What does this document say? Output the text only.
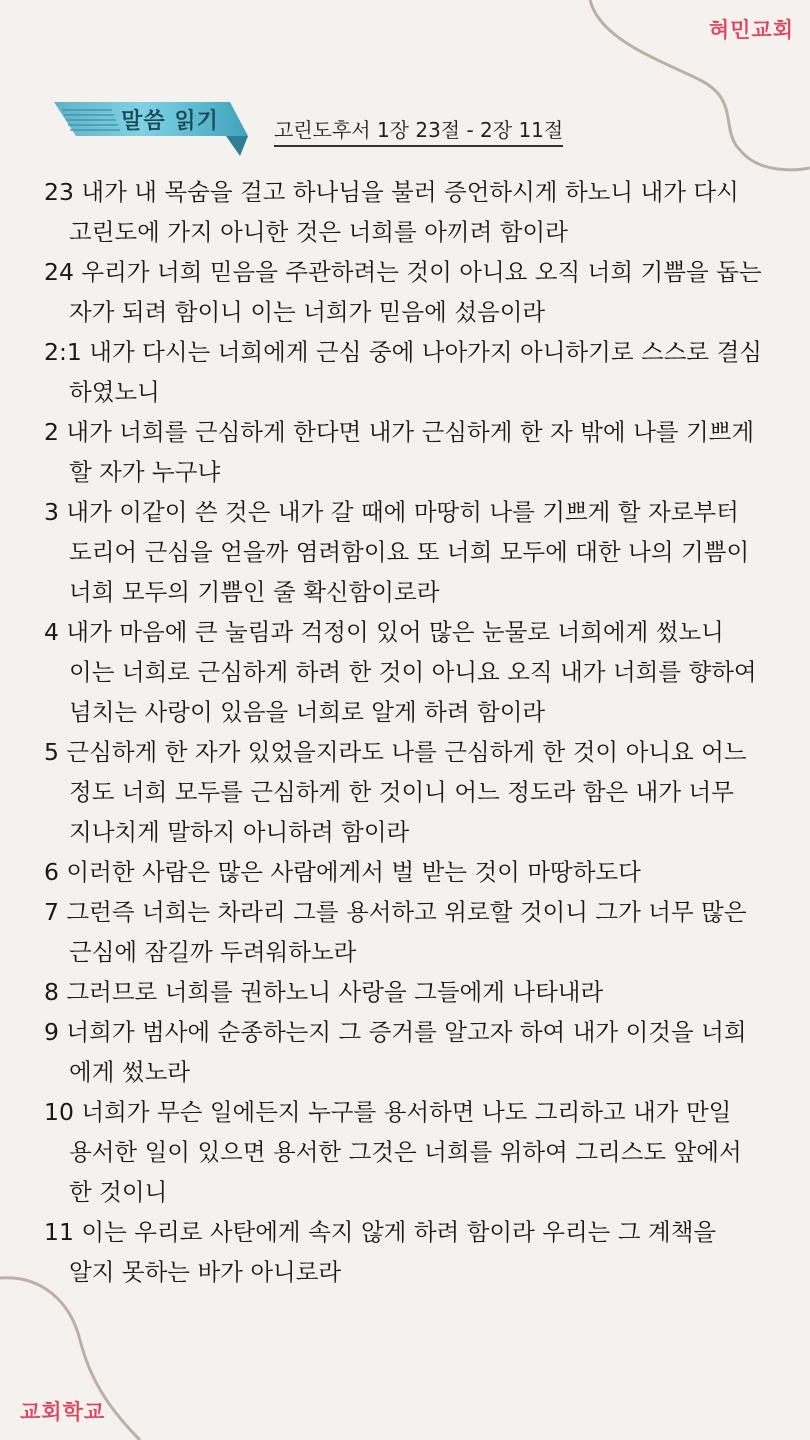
혀민교회
말씀 읽기	고린도후서 1장 23절 - 2장 11절
23 내가 내 목숨을 걸고 하나님을 불러 증언하시게 하노니 내가 다시
고린도에 가지 아니한 것은 너희를 아끼려 함이라
24 우리가 너희 믿음을 주관하려는 것이 아니요 오직 너희 기쁨을 돕는
자가 되려 함이니 이는 너희가 믿음에 섰음이라
2:1 내가 다시는 너희에게 근심 중에 나아가지 아니하기로 스스로 결심
하였노니
2 내가 너희를 근심하게 한다면 내가 근심하게 한 자 밖에 나를 기쁘게
할 자가 누구냐
3 내가 이같이 쓴 것은 내가 갈 때에 마땅히 나를 기쁘게 할 자로부터
도리어 근심을 얻을까 염려함이요 또 너희 모두에 대한 나의 기쁨이
너희 모두의 기쁨인 줄 확신함이로라
4 내가 마음에 큰 눌림과 걱정이 있어 많은 눈물로 너희에게 썼노니
이는 너희로 근심하게 하려 한 것이 아니요 오직 내가 너희를 향하여
넘치는 사랑이 있음을 너희로 알게 하려 함이라
5 근심하게 한 자가 있었을지라도 나를 근심하게 한 것이 아니요 어느
정도 너희 모두를 근심하게 한 것이니 어느 정도라 함은 내가 너무
지나치게 말하지 아니하려 함이라
6 이러한 사람은 많은 사람에게서 벌 받는 것이 마땅하도다
7 그런즉 너희는 차라리 그를 용서하고 위로할 것이니 그가 너무 많은
근심에 잠길까 두려워하노라
8 그러므로 너희를 권하노니 사랑을 그들에게 나타내라
9 너희가 범사에 순종하는지 그 증거를 알고자 하여 내가 이것을 너희
에게 썼노라
10 너희가 무슨 일에든지 누구를 용서하면 나도 그리하고 내가 만일
용서한 일이 있으면 용서한 그것은 너희를 위하여 그리스도 앞에서
한 것이니
11 이는 우리로 사탄에게 속지 않게 하려 함이라 우리는 그 계책을
알지 못하는 바가 아니로라
교회학교
